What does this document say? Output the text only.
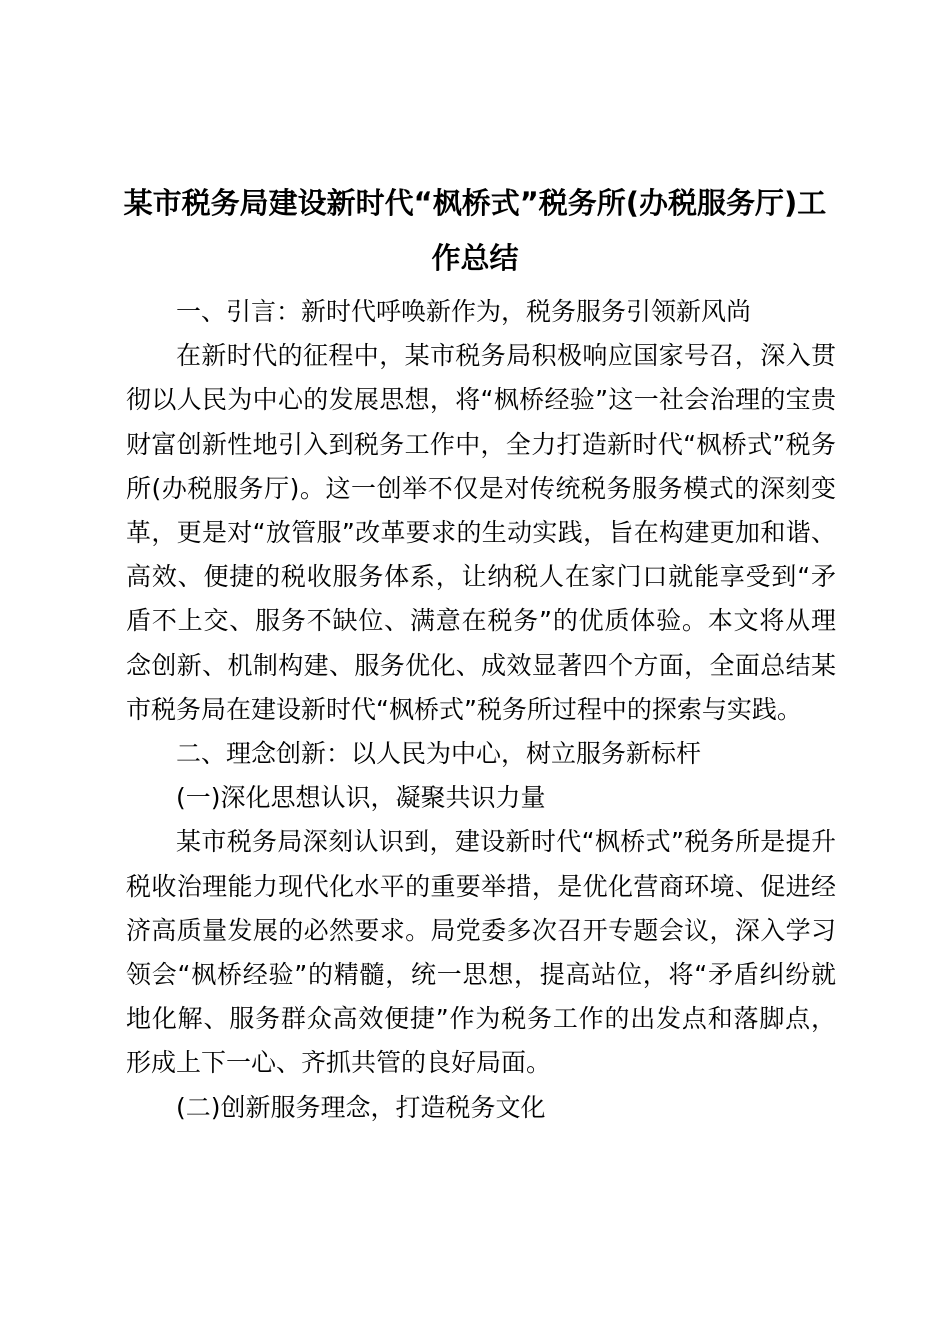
某市税务局建设新时代“枫桥式”税务所(办税服务厅)工作总结

一、引言：新时代呼唤新作为，税务服务引领新风尚

在新时代的征程中，某市税务局积极响应国家号召，深入贯彻以人民为中心的发展思想，将“枫桥经验”这一社会治理的宝贵财富创新性地引入到税务工作中，全力打造新时代“枫桥式”税务所(办税服务厅)。这一创举不仅是对传统税务服务模式的深刻变革，更是对“放管服”改革要求的生动实践，旨在构建更加和谐、高效、便捷的税收服务体系，让纳税人在家门口就能享受到“矛盾不上交、服务不缺位、满意在税务”的优质体验。本文将从理念创新、机制构建、服务优化、成效显著四个方面，全面总结某市税务局在建设新时代“枫桥式”税务所过程中的探索与实践。

二、理念创新：以人民为中心，树立服务新标杆

(一)深化思想认识，凝聚共识力量

某市税务局深刻认识到，建设新时代“枫桥式”税务所是提升税收治理能力现代化水平的重要举措，是优化营商环境、促进经济高质量发展的必然要求。局党委多次召开专题会议，深入学习领会“枫桥经验”的精髓，统一思想，提高站位，将“矛盾纠纷就地化解、服务群众高效便捷”作为税务工作的出发点和落脚点，形成上下一心、齐抓共管的良好局面。

(二)创新服务理念，打造税务文化
